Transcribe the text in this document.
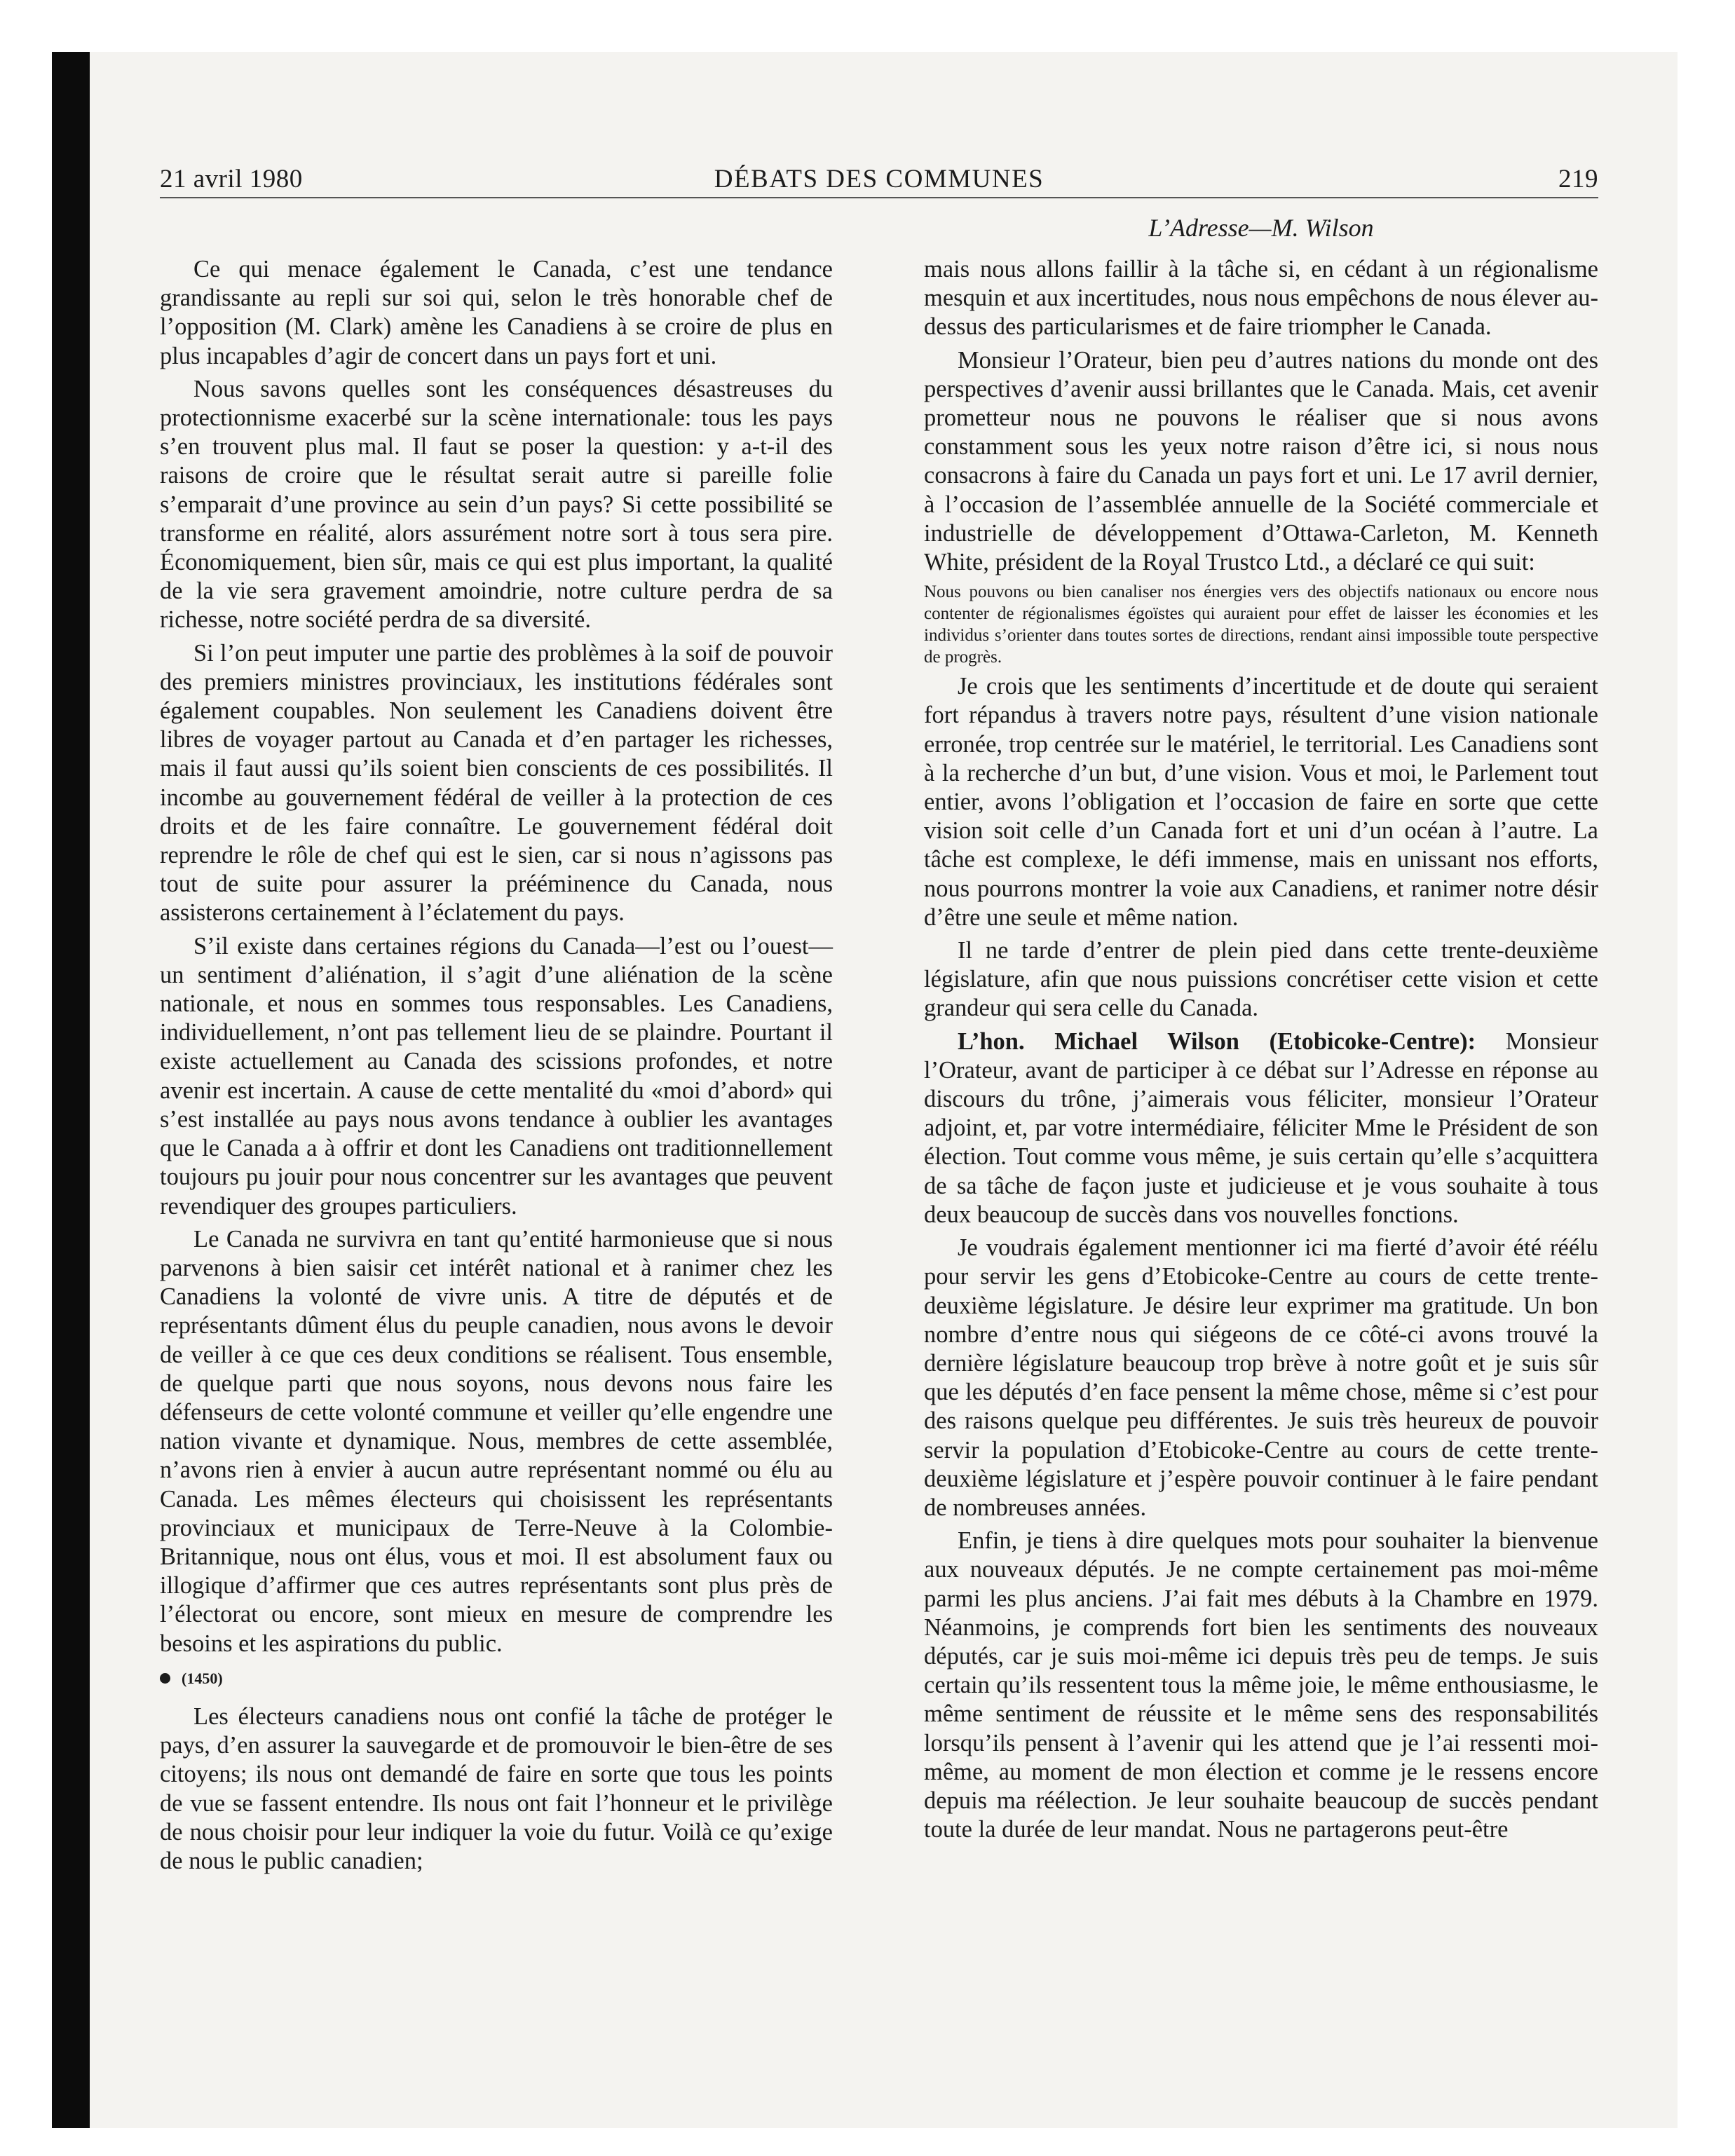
21 avril 1980	DÉBATS DES COMMUNES	219
L’Adresse—M. Wilson

Ce qui menace également le Canada, c’est une tendance grandissante au repli sur soi qui, selon le très honorable chef de l’opposition (M. Clark) amène les Canadiens à se croire de plus en plus incapables d’agir de concert dans un pays fort et uni.

Nous savons quelles sont les conséquences désastreuses du protectionnisme exacerbé sur la scène internationale: tous les pays s’en trouvent plus mal. Il faut se poser la question: y a-t-il des raisons de croire que le résultat serait autre si pareille folie s’emparait d’une province au sein d’un pays? Si cette possibilité se transforme en réalité, alors assurément notre sort à tous sera pire. Économiquement, bien sûr, mais ce qui est plus important, la qualité de la vie sera gravement amoindrie, notre culture perdra de sa richesse, notre société perdra de sa diversité.

Si l’on peut imputer une partie des problèmes à la soif de pouvoir des premiers ministres provinciaux, les institutions fédérales sont également coupables. Non seulement les Canadiens doivent être libres de voyager partout au Canada et d’en partager les richesses, mais il faut aussi qu’ils soient bien conscients de ces possibilités. Il incombe au gouvernement fédéral de veiller à la protection de ces droits et de les faire connaître. Le gouvernement fédéral doit reprendre le rôle de chef qui est le sien, car si nous n’agissons pas tout de suite pour assurer la prééminence du Canada, nous assisterons certainement à l’éclatement du pays.

S’il existe dans certaines régions du Canada—l’est ou l’ouest—un sentiment d’aliénation, il s’agit d’une aliénation de la scène nationale, et nous en sommes tous responsables. Les Canadiens, individuellement, n’ont pas tellement lieu de se plaindre. Pourtant il existe actuellement au Canada des scissions profondes, et notre avenir est incertain. A cause de cette mentalité du «moi d’abord» qui s’est installée au pays nous avons tendance à oublier les avantages que le Canada a à offrir et dont les Canadiens ont traditionnellement toujours pu jouir pour nous concentrer sur les avantages que peuvent revendiquer des groupes particuliers.

Le Canada ne survivra en tant qu’entité harmonieuse que si nous parvenons à bien saisir cet intérêt national et à ranimer chez les Canadiens la volonté de vivre unis. A titre de députés et de représentants dûment élus du peuple canadien, nous avons le devoir de veiller à ce que ces deux conditions se réalisent. Tous ensemble, de quelque parti que nous soyons, nous devons nous faire les défenseurs de cette volonté commune et veiller qu’elle engendre une nation vivante et dynamique. Nous, membres de cette assemblée, n’avons rien à envier à aucun autre représentant nommé ou élu au Canada. Les mêmes électeurs qui choisissent les représentants provinciaux et municipaux de Terre-Neuve à la Colombie-Britannique, nous ont élus, vous et moi. Il est absolument faux ou illogique d’affirmer que ces autres représentants sont plus près de l’électorat ou encore, sont mieux en mesure de comprendre les besoins et les aspirations du public.

(1450)

Les électeurs canadiens nous ont confié la tâche de protéger le pays, d’en assurer la sauvegarde et de promouvoir le bien-être de ses citoyens; ils nous ont demandé de faire en sorte que tous les points de vue se fassent entendre. Ils nous ont fait l’honneur et le privilège de nous choisir pour leur indiquer la voie du futur. Voilà ce qu’exige de nous le public canadien;

mais nous allons faillir à la tâche si, en cédant à un régionalisme mesquin et aux incertitudes, nous nous empêchons de nous élever au-dessus des particularismes et de faire triompher le Canada.

Monsieur l’Orateur, bien peu d’autres nations du monde ont des perspectives d’avenir aussi brillantes que le Canada. Mais, cet avenir prometteur nous ne pouvons le réaliser que si nous avons constamment sous les yeux notre raison d’être ici, si nous nous consacrons à faire du Canada un pays fort et uni. Le 17 avril dernier, à l’occasion de l’assemblée annuelle de la Société commerciale et industrielle de développement d’Ottawa-Carleton, M. Kenneth White, président de la Royal Trustco Ltd., a déclaré ce qui suit:

Nous pouvons ou bien canaliser nos énergies vers des objectifs nationaux ou encore nous contenter de régionalismes égoïstes qui auraient pour effet de laisser les économies et les individus s’orienter dans toutes sortes de directions, rendant ainsi impossible toute perspective de progrès.

Je crois que les sentiments d’incertitude et de doute qui seraient fort répandus à travers notre pays, résultent d’une vision nationale erronée, trop centrée sur le matériel, le territorial. Les Canadiens sont à la recherche d’un but, d’une vision. Vous et moi, le Parlement tout entier, avons l’obligation et l’occasion de faire en sorte que cette vision soit celle d’un Canada fort et uni d’un océan à l’autre. La tâche est complexe, le défi immense, mais en unissant nos efforts, nous pourrons montrer la voie aux Canadiens, et ranimer notre désir d’être une seule et même nation.

Il ne tarde d’entrer de plein pied dans cette trente-deuxième législature, afin que nous puissions concrétiser cette vision et cette grandeur qui sera celle du Canada.

L’hon. Michael Wilson (Etobicoke-Centre): Monsieur l’Orateur, avant de participer à ce débat sur l’Adresse en réponse au discours du trône, j’aimerais vous féliciter, monsieur l’Orateur adjoint, et, par votre intermédiaire, féliciter Mme le Président de son élection. Tout comme vous même, je suis certain qu’elle s’acquittera de sa tâche de façon juste et judicieuse et je vous souhaite à tous deux beaucoup de succès dans vos nouvelles fonctions.

Je voudrais également mentionner ici ma fierté d’avoir été réélu pour servir les gens d’Etobicoke-Centre au cours de cette trente-deuxième législature. Je désire leur exprimer ma gratitude. Un bon nombre d’entre nous qui siégeons de ce côté-ci avons trouvé la dernière législature beaucoup trop brève à notre goût et je suis sûr que les députés d’en face pensent la même chose, même si c’est pour des raisons quelque peu différentes. Je suis très heureux de pouvoir servir la population d’Etobicoke-Centre au cours de cette trente-deuxième législature et j’espère pouvoir continuer à le faire pendant de nombreuses années.

Enfin, je tiens à dire quelques mots pour souhaiter la bienvenue aux nouveaux députés. Je ne compte certainement pas moi-même parmi les plus anciens. J’ai fait mes débuts à la Chambre en 1979. Néanmoins, je comprends fort bien les sentiments des nouveaux députés, car je suis moi-même ici depuis très peu de temps. Je suis certain qu’ils ressentent tous la même joie, le même enthousiasme, le même sentiment de réussite et le même sens des responsabilités lorsqu’ils pensent à l’avenir qui les attend que je l’ai ressenti moi-même, au moment de mon élection et comme je le ressens encore depuis ma réélection. Je leur souhaite beaucoup de succès pendant toute la durée de leur mandat. Nous ne partagerons peut-être
